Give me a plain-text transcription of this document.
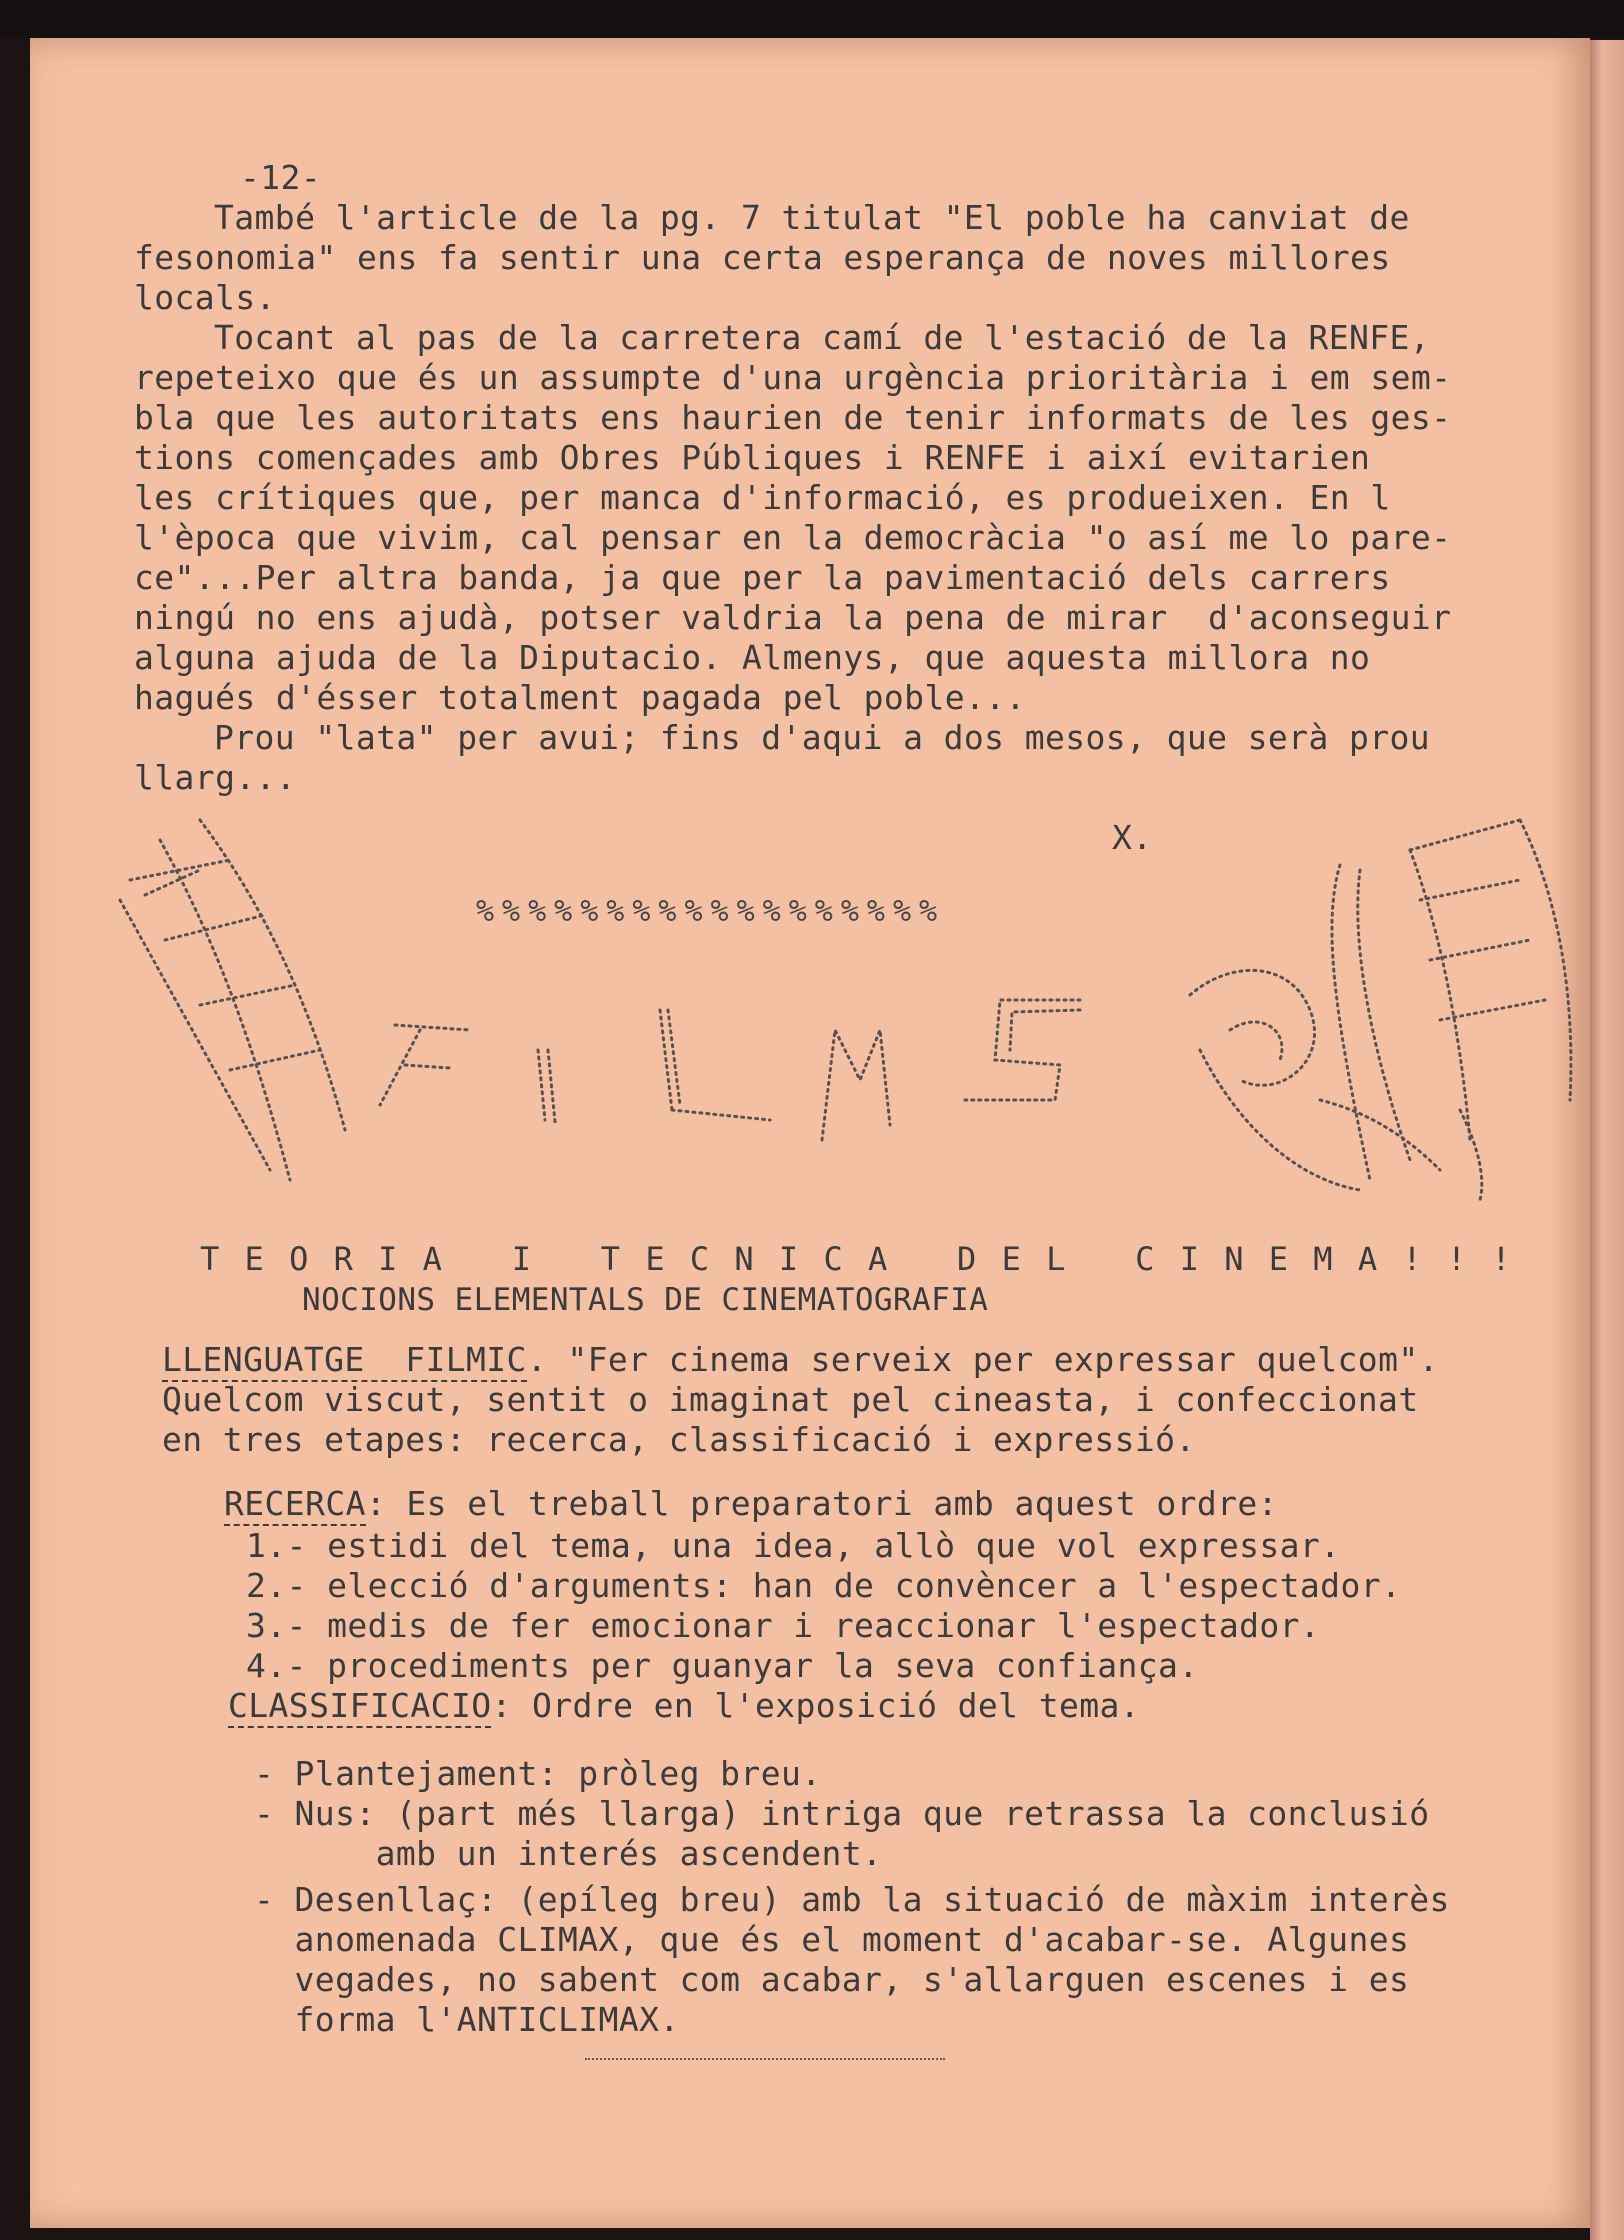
-12-
També l'article de la pg. 7 titulat "El poble ha canviat de
fesonomia" ens fa sentir una certa esperança de noves millores
locals.
Tocant al pas de la carretera camí de l'estació de la RENFE,
repeteixo que és un assumpte d'una urgència prioritària i em sem-
bla que les autoritats ens haurien de tenir informats de les ges-
tions començades amb Obres Públiques i RENFE i així evitarien
les crítiques que, per manca d'informació, es produeixen. En l
l'època que vivim, cal pensar en la democràcia "o así me lo pare-
ce"...Per altra banda, ja que per la pavimentació dels carrers
ningú no ens ajudà, potser valdria la pena de mirar  d'aconseguir
alguna ajuda de la Diputacio. Almenys, que aquesta millora no
hagués d'ésser totalment pagada pel poble...
Prou "lata" per avui; fins d'aqui a dos mesos, que serà prou
llarg...
X.
%%%%%%%%%%%%%%%%%%
T E O R I A   I   T E C N I C A   D E L   C I N E M A ! ! !
NOCIONS ELEMENTALS DE CINEMATOGRAFIA
LLENGUATGE  FILMIC. "Fer cinema serveix per expressar quelcom".
Quelcom viscut, sentit o imaginat pel cineasta, i confeccionat
en tres etapes: recerca, classificació i expressió.
RECERCA: Es el treball preparatori amb aquest ordre:
1.- estidi del tema, una idea, allò que vol expressar.
2.- elecció d'arguments: han de convèncer a l'espectador.
3.- medis de fer emocionar i reaccionar l'espectador.
4.- procediments per guanyar la seva confiança.
CLASSIFICACIO: Ordre en l'exposició del tema.
- Plantejament: pròleg breu.
- Nus: (part més llarga) intriga que retrassa la conclusió
amb un interés ascendent.
- Desenllaç: (epíleg breu) amb la situació de màxim interès
anomenada CLIMAX, que és el moment d'acabar-se. Algunes
vegades, no sabent com acabar, s'allarguen escenes i es
forma l'ANTICLIMAX.
